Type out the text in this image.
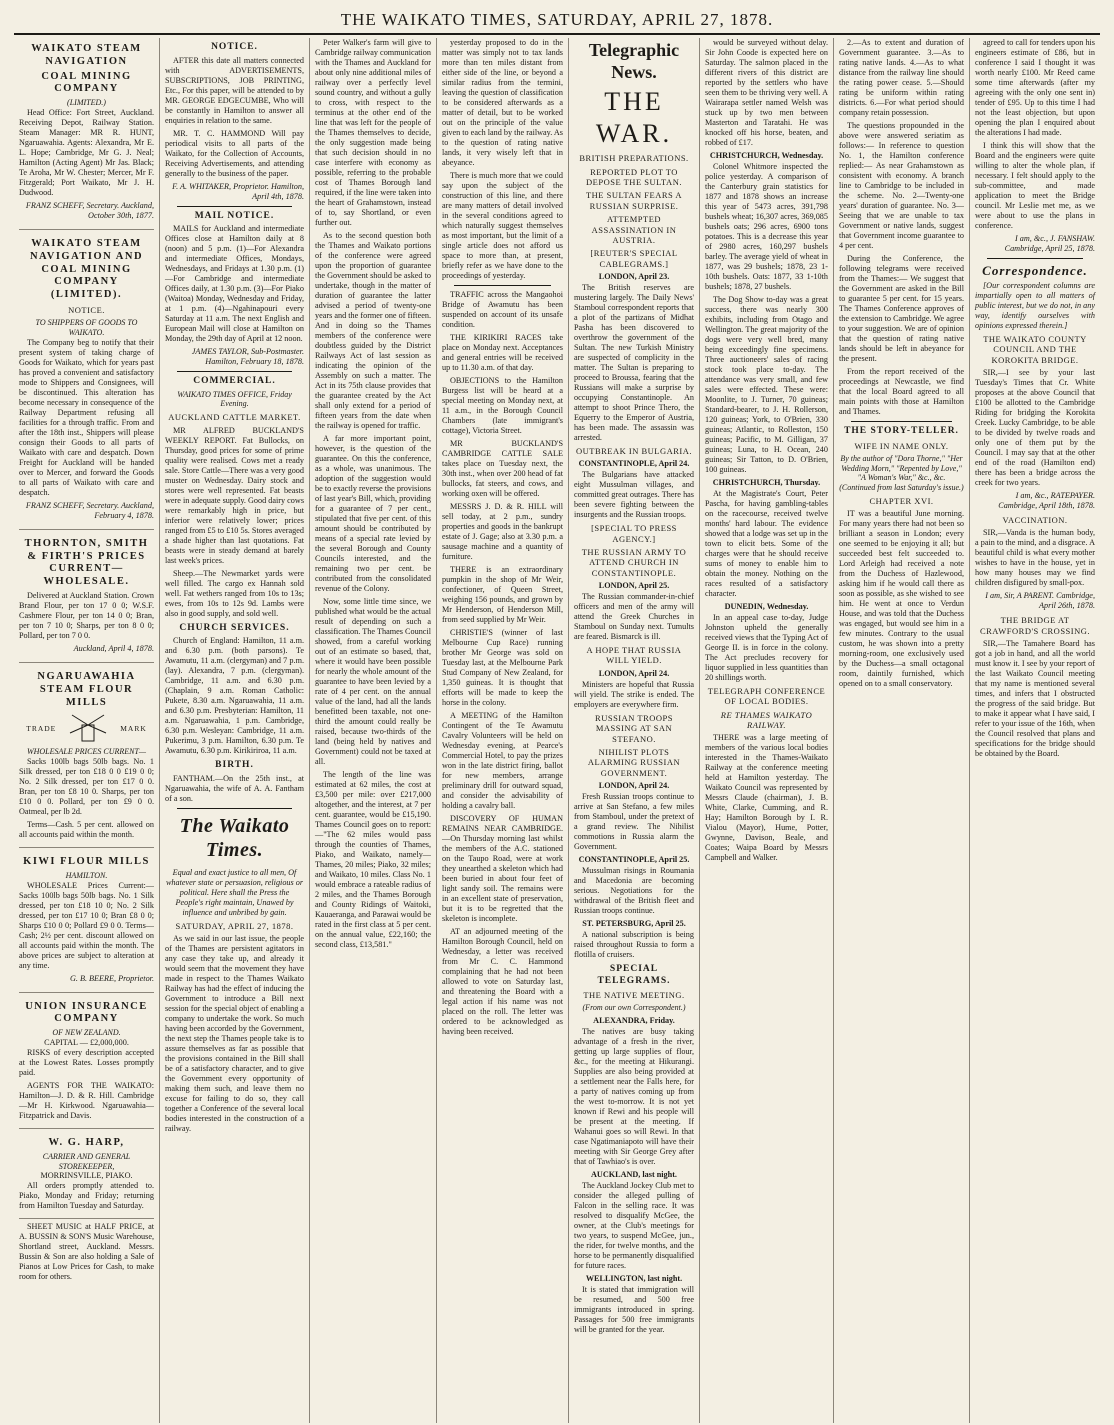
THE WAIKATO TIMES, SATURDAY, APRIL 27, 1878.
WAIKATO STEAM NAVIGATION
COAL MINING COMPANY
(LIMITED.)

Head Office: Fort Street, Auckland. Receiving Depot, Railway Station. Steam Manager: MR R. HUNT, Ngaruawahia. Agents: Alexandra, Mr E. L. Hope; Cambridge, Mr G. J. Neal; Hamilton (Acting Agent) Mr Jas. Black; Te Aroha, Mr W. Chester; Mercer, Mr F. Fitzgerald; Port Waikato, Mr J. H. Dudwood.

FRANZ SCHEFF, Secretary. Auckland, October 30th, 1877.
WAIKATO STEAM NAVIGATION AND COAL MINING COMPANY (LIMITED).
NOTICE.
TO SHIPPERS OF GOODS TO WAIKATO.

The Company beg to notify that their present system of taking charge of Goods for Waikato, which for years past has proved a convenient and satisfactory mode to Shippers and Consignees, will be discontinued. This alteration has become necessary in consequence of the Railway Department refusing all facilities for a through traffic. From and after the 18th inst., Shippers will please consign their Goods to all parts of Waikato with care and despatch. Down Freight for Auckland will be handed over to Mercer, and forward the Goods to all parts of Waikato with care and despatch.

FRANZ SCHEFF, Secretary. Auckland, February 4, 1878.
THORNTON, SMITH & FIRTH'S PRICES CURRENT—WHOLESALE.

Delivered at Auckland Station. Crown Brand Flour, per ton 17 0 0; W.S.F. Cashmere Flour, per ton 14 0 0; Bran, per ton 7 10 0; Sharps, per ton 8 0 0; Pollard, per ton 7 0 0.

Auckland, April 4, 1878.
NGARUAWAHIA STEAM FLOUR MILLS
TRADE	MARK
WHOLESALE PRICES CURRENT—

Sacks 100lb bags 50lb bags. No. 1 Silk dressed, per ton £18 0 0 £19 0 0; No. 2 Silk dressed, per ton £17 0 0. Bran, per ton £8 10 0. Sharps, per ton £10 0 0. Pollard, per ton £9 0 0. Oatmeal, per lb 2d.

Terms—Cash. 5 per cent. allowed on all accounts paid within the month.

KIWI FLOUR MILLS
HAMILTON.

WHOLESALE Prices Current:— Sacks 100lb bags 50lb bags. No. 1 Silk dressed, per ton £18 10 0; No. 2 Silk dressed, per ton £17 10 0; Bran £8 0 0; Sharps £10 0 0; Pollard £9 0 0. Terms—Cash; 2½ per cent. discount allowed on all accounts paid within the month. The above prices are subject to alteration at any time.

G. B. BEERE, Proprietor.
UNION INSURANCE COMPANY
OF NEW ZEALAND.
CAPITAL — £2,000,000.

RISKS of every description accepted at the Lowest Rates. Losses promptly paid.

AGENTS FOR THE WAIKATO: Hamilton—J. D. & R. Hill. Cambridge—Mr H. Kirkwood. Ngaruawahia—Fitzpatrick and Davis.

W. G. HARP,
CARRIER AND GENERAL STOREKEEPER,
MORRINSVILLE, PIAKO.

All orders promptly attended to. Piako, Monday and Friday; returning from Hamilton Tuesday and Saturday.

SHEET MUSIC at HALF PRICE, at A. BUSSIN & SON'S Music Warehouse, Shortland street, Auckland. Messrs. Bussin & Son are also holding a Sale of Pianos at Low Prices for Cash, to make room for others.

NOTICE.

AFTER this date all matters connected with ADVERTISEMENTS, SUBSCRIPTIONS, JOB PRINTING, Etc., For this paper, will be attended to by MR. GEORGE EDGECUMBE, Who will be constantly in Hamilton to answer all enquiries in relation to the same.

MR. T. C. HAMMOND Will pay periodical visits to all parts of the Waikato, for the Collection of Accounts, Receiving Advertisements, and attending generally to the business of the paper.

F. A. WHITAKER, Proprietor. Hamilton, April 4th, 1878.
MAIL NOTICE.

MAILS for Auckland and intermediate Offices close at Hamilton daily at 8 (noon) and 5 p.m. (1)—For Alexandra and intermediate Offices, Mondays, Wednesdays, and Fridays at 1.30 p.m. (1)—For Cambridge and intermediate Offices daily, at 1.30 p.m. (3)—For Piako (Waitoa) Monday, Wednesday and Friday, at 1 p.m. (4)—Ngahinapouri every Saturday at 11 a.m. The next English and European Mail will close at Hamilton on Monday, the 29th day of April at 12 noon.

JAMES TAYLOR, Sub-Postmaster. Hamilton, February 18, 1878.
COMMERCIAL.
WAIKATO TIMES OFFICE, Friday Evening.
AUCKLAND CATTLE MARKET.

MR ALFRED BUCKLAND'S WEEKLY REPORT. Fat Bullocks, on Thursday, good prices for some of prime quality were realised. Cows met a ready sale. Store Cattle—There was a very good muster on Wednesday. Dairy stock and stores were well represented. Fat beasts were in adequate supply. Good dairy cows were remarkably high in price, but inferior were relatively lower; prices ranged from £5 to £10 5s. Stores averaged a shade higher than last quotations. Fat beasts were in steady demand at barely last week's prices.

Sheep.—The Newmarket yards were well filled. The cargo ex Hannah sold well. Fat wethers ranged from 10s to 13s; ewes, from 10s to 12s 9d. Lambs were also in good supply, and sold well.

CHURCH SERVICES.

Church of England: Hamilton, 11 a.m. and 6.30 p.m. (both parsons). Te Awamutu, 11 a.m. (clergyman) and 7 p.m. (lay). Alexandra, 7 p.m. (clergyman). Cambridge, 11 a.m. and 6.30 p.m. (Chaplain, 9 a.m. Roman Catholic: Pukete, 8.30 a.m. Ngaruawahia, 11 a.m. and 6.30 p.m. Presbyterian: Hamilton, 11 a.m. Ngaruawahia, 1 p.m. Cambridge, 6.30 p.m. Wesleyan: Cambridge, 11 a.m. Pukerimu, 3 p.m. Hamilton, 6.30 p.m. Te Awamutu, 6.30 p.m. Kirikiriroa, 11 a.m.

BIRTH.

FANTHAM.—On the 25th inst., at Ngaruawahia, the wife of A. A. Fantham of a son.

The Waikato Times.

Equal and exact justice to all men, Of whatever state or persuasion, religious or political. Here shall the Press the People's right maintain, Unawed by influence and unbribed by gain.

SATURDAY, APRIL 27, 1878.

As we said in our last issue, the people of the Thames are persistent agitators in any case they take up, and already it would seem that the movement they have made in respect to the Thames Waikato Railway has had the effect of inducing the Government to introduce a Bill next session for the special object of enabling a company to undertake the work. So much having been accorded by the Government, the next step the Thames people take is to assure themselves as far as possible that the provisions contained in the Bill shall be of a satisfactory character, and to give the Government every opportunity of making them such, and leave them no excuse for failing to do so, they call together a Conference of the several local bodies interested in the construction of a railway.

Peter Walker's farm will give to Cambridge railway communication with the Thames and Auckland for about only nine additional miles of railway over a perfectly level sound country, and without a gully to cross, with respect to the terminus at the other end of the line that was left for the people of the Thames themselves to decide, the only suggestion made being that such decision should in no case interfere with economy as possible, referring to the probable cost of Thames Borough land required, if the line were taken into the heart of Grahamstown, instead of to, say Shortland, or even further out.

As to the second question both the Thames and Waikato portions of the conference were agreed upon the proportion of guarantee the Government should be asked to undertake, though in the matter of duration of guarantee the latter advised a period of twenty-one years and the former one of fifteen. And in doing so the Thames members of the conference were doubtless guided by the District Railways Act of last session as indicating the opinion of the Assembly on such a matter. The Act in its 75th clause provides that the guarantee created by the Act shall only extend for a period of fifteen years from the date when the railway is opened for traffic.

A far more important point, however, is the question of the guarantee. On this the conference, as a whole, was unanimous. The adoption of the suggestion would be to exactly reverse the provisions of last year's Bill, which, providing for a guarantee of 7 per cent., stipulated that five per cent. of this amount should be contributed by means of a special rate levied by the several Borough and County Councils interested, and the remaining two per cent. be contributed from the consolidated revenue of the Colony.

Now, some little time since, we published what would be the actual result of depending on such a classification. The Thames Council showed, from a careful working out of an estimate so based, that, where it would have been possible for nearly the whole amount of the guarantee to have been levied by a rate of 4 per cent. on the annual value of the land, had all the lands benefitted been taxable, not one-third the amount could really be raised, because two-thirds of the land (being held by natives and Government) could not be taxed at all.

The length of the line was estimated at 62 miles, the cost at £3,500 per mile: over £217,000 altogether, and the interest, at 7 per cent. guarantee, would be £15,190. Thames Council goes on to report:—"The 62 miles would pass through the counties of Thames, Piako, and Waikato, namely—Thames, 20 miles; Piako, 32 miles; and Waikato, 10 miles. Class No. 1 would embrace a rateable radius of 2 miles, and the Thames Borough and County Ridings of Waitoki, Kauaeranga, and Parawai would be rated in the first class at 5 per cent. on the annual value, £22,160; the second class, £13,581."

yesterday proposed to do in the matter was simply not to tax lands more than ten miles distant from either side of the line, or beyond a similar radius from the termini, leaving the question of classification to be considered afterwards as a matter of detail, but to be worked out on the principle of the value given to each land by the railway. As to the question of rating native lands, it very wisely left that in abeyance.

There is much more that we could say upon the subject of the construction of this line, and there are many matters of detail involved in the several conditions agreed to which naturally suggest themselves as most important, but the limit of a single article does not afford us space to more than, at present, briefly refer as we have done to the proceedings of yesterday.

TRAFFIC across the Mangaohoi Bridge of Awamutu has been suspended on account of its unsafe condition.

THE KIRIKIRI RACES take place on Monday next. Acceptances and general entries will be received up to 11.30 a.m. of that day.

OBJECTIONS to the Hamilton Burgess list will be heard at a special meeting on Monday next, at 11 a.m., in the Borough Council Chambers (late immigrant's cottage), Victoria Street.

MR BUCKLAND'S CAMBRIDGE CATTLE SALE takes place on Tuesday next, the 30th inst., when over 200 head of fat bullocks, fat steers, and cows, and working oxen will be offered.

MESSRS J. D. & R. HILL will sell today, at 2 p.m., sundry properties and goods in the bankrupt estate of J. Gage; also at 3.30 p.m. a sausage machine and a quantity of furniture.

THERE is an extraordinary pumpkin in the shop of Mr Weir, confectioner, of Queen Street, weighing 156 pounds, and grown by Mr Henderson, of Henderson Mill, from seed supplied by Mr Weir.

CHRISTIE'S (winner of last Melbourne Cup Race) running brother Mr George was sold on Tuesday last, at the Melbourne Park Stud Company of New Zealand, for 1,350 guineas. It is thought that efforts will be made to keep the horse in the colony.

A MEETING of the Hamilton Contingent of the Te Awamutu Cavalry Volunteers will be held on Wednesday evening, at Pearce's Commercial Hotel, to pay the prizes won in the late district firing, ballot for new members, arrange preliminary drill for outward squad, and consider the advisability of holding a cavalry ball.

DISCOVERY OF HUMAN REMAINS NEAR CAMBRIDGE.—On Thursday morning last whilst the members of the A.C. stationed on the Taupo Road, were at work they unearthed a skeleton which had been buried in about four feet of light sandy soil. The remains were in an excellent state of preservation, but it is to be regretted that the skeleton is incomplete.

AT an adjourned meeting of the Hamilton Borough Council, held on Wednesday, a letter was received from Mr C. C. Hammond complaining that he had not been allowed to vote on Saturday last, and threatening the Board with a legal action if his name was not placed on the roll. The letter was ordered to be acknowledged as having been received.

Telegraphic News.
THE WAR.
BRITISH PREPARATIONS.
REPORTED PLOT TO DEPOSE THE SULTAN.
THE SULTAN FEARS A RUSSIAN SURPRISE.
ATTEMPTED ASSASSINATION IN AUSTRIA.
[REUTER'S SPECIAL CABLEGRAMS.]
LONDON, April 23.

The British reserves are mustering largely. The Daily News' Stamboul correspondent reports that a plot of the partizans of Midhat Pasha has been discovered to overthrow the government of the Sultan. The new Turkish Ministry are suspected of complicity in the matter. The Sultan is preparing to proceed to Broussa, fearing that the Russians will make a surprise by occupying Constantinople. An attempt to shoot Prince Thero, the Equerry to the Emperor of Austria, has been made. The assassin was arrested.

OUTBREAK IN BULGARIA.
CONSTANTINOPLE, April 24.

The Bulgarians have attacked eight Mussulman villages, and committed great outrages. There has been severe fighting between the insurgents and the Russian troops.

[SPECIAL TO PRESS AGENCY.]
THE RUSSIAN ARMY TO ATTEND CHURCH IN CONSTANTINOPLE.
LONDON, April 25.

The Russian commander-in-chief officers and men of the army will attend the Greek Churches in Stamboul on Sunday next. Tumults are feared. Bismarck is ill.

A HOPE THAT RUSSIA WILL YIELD.
LONDON, April 24.

Ministers are hopeful that Russia will yield. The strike is ended. The employers are everywhere firm.

RUSSIAN TROOPS MASSING AT SAN STEFANO.
NIHILIST PLOTS ALARMING RUSSIAN GOVERNMENT.
LONDON, April 24.

Fresh Russian troops continue to arrive at San Stefano, a few miles from Stamboul, under the pretext of a grand review. The Nihilist commotions in Russia alarm the Government.

CONSTANTINOPLE, April 25.

Mussulman risings in Roumania and Macedonia are becoming serious. Negotiations for the withdrawal of the British fleet and Russian troops continue.

ST. PETERSBURG, April 25.

A national subscription is being raised throughout Russia to form a flotilla of cruisers.

SPECIAL TELEGRAMS.
THE NATIVE MEETING.
(From our own Correspondent.)
ALEXANDRA, Friday.

The natives are busy taking advantage of a fresh in the river, getting up large supplies of flour, &c., for the meeting at Hikurangi. Supplies are also being provided at a settlement near the Falls here, for a party of natives coming up from the west to-morrow. It is not yet known if Rewi and his people will be present at the meeting. If Wahanui goes so will Rewi. In that case Ngatimaniapoto will have their meeting with Sir George Grey after that of Tawhiao's is over.

AUCKLAND, last night.

The Auckland Jockey Club met to consider the alleged pulling of Falcon in the selling race. It was resolved to disqualify McGee, the owner, at the Club's meetings for two years, to suspend McGee, jun., the rider, for twelve months, and the horse to be permanently disqualified for future races.

WELLINGTON, last night.

It is stated that immigration will be resumed, and 500 free immigrants introduced in spring. Passages for 500 free immigrants will be granted for the year.

would be surveyed without delay. Sir John Coode is expected here on Saturday. The salmon placed in the different rivers of this district are reported by the settlers who have seen them to be thriving very well. A Wairarapa settler named Welsh was stuck up by two men between Masterton and Taratahi. He was knocked off his horse, beaten, and robbed of £17.

CHRISTCHURCH, Wednesday.

Colonel Whitmore inspected the police yesterday. A comparison of the Canterbury grain statistics for 1877 and 1878 shows an increase this year of 5473 acres, 391,798 bushels wheat; 16,307 acres, 369,085 bushels oats; 296 acres, 6900 tons potatoes. This is a decrease this year of 2980 acres, 160,297 bushels barley. The average yield of wheat in 1877, was 29 bushels; 1878, 23 1-10th bushels. Oats: 1877, 33 1-10th bushels; 1878, 27 bushels.

The Dog Show to-day was a great success, there was nearly 300 exhibits, including from Otago and Wellington. The great majority of the dogs were very well bred, many being exceedingly fine specimens. Three auctioneers' sales of racing stock took place to-day. The attendance was very small, and few sales were effected. These were: Moonlite, to J. Turner, 70 guineas; Standard-bearer, to J. H. Rollerson, 120 guineas; York, to O'Brien, 330 guineas; Atlantic, to Rolleston, 150 guineas; Pacific, to M. Gilligan, 37 guineas; Luna, to H. Ocean, 240 guineas; Sir Tatton, to D. O'Brien, 100 guineas.

CHRISTCHURCH, Thursday.

At the Magistrate's Court, Peter Pascha, for having gambling-tables on the racecourse, received twelve months' hard labour. The evidence showed that a lodge was set up in the town to elicit bets. Some of the charges were that he should receive sums of money to enable him to obtain the money. Nothing on the races resulted of a satisfactory character.

DUNEDIN, Wednesday.

In an appeal case to-day, Judge Johnston upheld the generally received views that the Typing Act of George II. is in force in the colony. The Act precludes recovery for liquor supplied in less quantities than 20 shillings worth.

TELEGRAPH CONFERENCE OF LOCAL BODIES.
RE THAMES WAIKATO RAILWAY.

THERE was a large meeting of members of the various local bodies interested in the Thames-Waikato Railway at the conference meeting held at Hamilton yesterday. The Waikato Council was represented by Messrs Claude (chairman), J. B. White, Clarke, Cumming, and R. Hay; Hamilton Borough by I. R. Vialou (Mayor), Hume, Potter, Gwynne, Davison, Beale, and Coates; Waipa Board by Messrs Campbell and Walker.

2.—As to extent and duration of Government guarantee. 3.—As to rating native lands. 4.—As to what distance from the railway line should the rating power cease. 5.—Should rating be uniform within rating districts. 6.—For what period should company retain possession.

The questions propounded in the above were answered seriatim as follows:— In reference to question No. 1, the Hamilton conference replied:— As near Grahamstown as consistent with economy. A branch line to Cambridge to be included in the scheme. No. 2—Twenty-one years' duration of guarantee. No. 3—Seeing that we are unable to tax Government or native lands, suggest that Government income guarantee to 4 per cent.

During the Conference, the following telegrams were received from the Thames:— We suggest that the Government are asked in the Bill to guarantee 5 per cent. for 15 years. The Thames Conference approves of the extension to Cambridge. We agree to your suggestion. We are of opinion that the question of rating native lands should be left in abeyance for the present.

From the report received of the proceedings at Newcastle, we find that the local Board agreed to all main points with those at Hamilton and Thames.

THE STORY-TELLER.
WIFE IN NAME ONLY.
By the author of "Dora Thorne," "Her Wedding Morn," "Repented by Love," "A Woman's War," &c., &c.
(Continued from last Saturday's issue.)
CHAPTER XVI.

IT was a beautiful June morning. For many years there had not been so brilliant a season in London; every one seemed to be enjoying it all; but succeeded best felt succeeded to. Lord Arleigh had received a note from the Duchess of Hazlewood, asking him if he would call there as soon as possible, as she wished to see him. He went at once to Verdun House, and was told that the Duchess was engaged, but would see him in a few minutes. Contrary to the usual custom, he was shown into a pretty morning-room, one exclusively used by the Duchess—a small octagonal room, daintily furnished, which opened on to a small conservatory.

agreed to call for tenders upon his engineers estimate of £86, but in conference I said I thought it was worth nearly £100. Mr Reed came some time afterwards (after my agreeing with the only one sent in) tender of £95. Up to this time I had not the least objection, but upon opening the plan I enquired about the alterations I had made.

I think this will show that the Board and the engineers were quite willing to alter the whole plan, if necessary. I felt should apply to the sub-committee, and made application to meet the Bridge council. Mr Leslie met me, as we were about to use the plans in conference.

I am, &c., J. FANSHAW. Cambridge, April 25, 1878.
Correspondence.

[Our correspondent columns are impartially open to all matters of public interest, but we do not, in any way, identify ourselves with opinions expressed therein.]

THE WAIKATO COUNTY COUNCIL AND THE KOROKITA BRIDGE.

SIR,—I see by your last Tuesday's Times that Cr. White proposes at the above Council that £100 be allotted to the Cambridge Riding for bridging the Korokita Creek. Lucky Cambridge, to be able to be divided by twelve roads and only one of them put by the Council. I may say that at the other end of the road (Hamilton end) there has been a bridge across the creek for two years.

I am, &c., RATEPAYER. Cambridge, April 18th, 1878.
VACCINATION.

SIR,—Vanda is the human body, a pain to the mind, and a disgrace. A beautiful child is what every mother wishes to have in the house, yet in how many houses may we find children disfigured by small-pox.

I am, Sir, A PARENT. Cambridge, April 26th, 1878.
THE BRIDGE AT CRAWFORD'S CROSSING.

SIR,—The Tamahere Board has got a job in hand, and all the world must know it. I see by your report of the last Waikato Council meeting that my name is mentioned several times, and infers that I obstructed the progress of the said bridge. But to make it appear what I have said, I refer to your issue of the 16th, when the Council resolved that plans and specifications for the bridge should be obtained by the Board.
